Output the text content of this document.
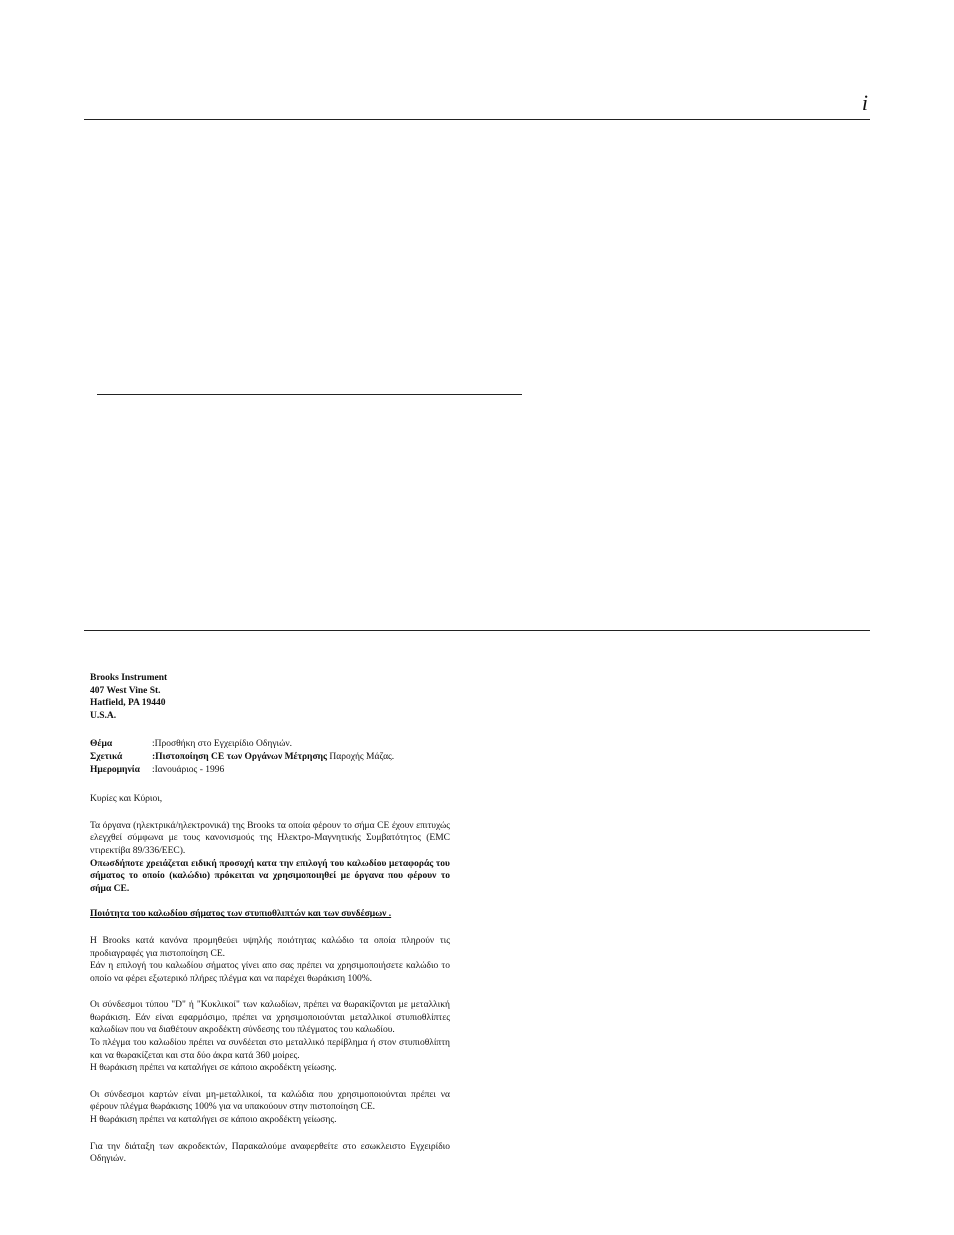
i
Brooks Instrument
407 West Vine St.
Hatfield, PA 19440
U.S.A.
Θέμα	:Προσθήκη στο Εγχειρίδιο Οδηγιών.
Σχετικά	:Πιστοποίηση CE των Οργάνων Μέτρησης Παροχής Μάζας.
Ημερομηνία	:Ιανουάριος - 1996
Κυρίες και Κύριοι,
Τα όργανα (ηλεκτρικά/ηλεκτρονικά) της Brooks τα οποία φέρουν το σήμα CE έχουν επιτυχώς ελεγχθεί σύμφωνα με τους κανονισμούς της Ηλεκτρο-Μαγνητικής Συμβατότητος (EMC ντιρεκτίβα 89/336/EEC).
Οπωσδήποτε χρειάζεται ειδική προσοχή κατα την επιλογή του καλωδίου μεταφοράς του σήματος το οποίο (καλώδιο) πρόκειται να χρησιμοποιηθεί με όργανα που φέρουν το σήμα CE.
Ποιότητα του καλωδίου σήματος των στυπιοθλιπτών και των συνδέσμων .
Η Brooks κατά κανόνα προμηθεύει υψηλής ποιότητας καλώδιο τα οποία πληρούν τις προδιαγραφές για πιστοποίηση CE.
Εάν η επιλογή του καλωδίου σήματος γίνει απο σας πρέπει να χρησιμοποιήσετε καλώδιο το οποίο να φέρει εξωτερικό πλήρες πλέγμα και να παρέχει θωράκιση 100%.
Οι σύνδεσμοι τύπου "D" ή "Κυκλικοί" των καλωδίων, πρέπει να θωρακίζονται με μεταλλική θωράκιση. Εάν είναι εφαρμόσιμο, πρέπει να χρησιμοποιούνται μεταλλικοί στυπιοθλίπτες καλωδίων που να διαθέτουν ακροδέκτη σύνδεσης του πλέγματος του καλωδίου.
Το πλέγμα του καλωδίου πρέπει να συνδέεται στο μεταλλικό περίβλημα ή στον στυπιοθλίπτη και να θωρακίζεται και στα δύο άκρα κατά 360 μοίρες.
Η θωράκιση πρέπει να καταλήγει σε κάποιο ακροδέκτη γείωσης.
Οι σύνδεσμοι καρτών είναι μη-μεταλλικοί, τα καλώδια που χρησιμοποιούνται πρέπει να φέρουν πλέγμα θωράκισης 100% για να υπακούουν στην πιστοποίηση CE.
Η θωράκιση πρέπει να καταλήγει σε κάποιο ακροδέκτη γείωσης.
Για την διάταξη των ακροδεκτών, Παρακαλούμε αναφερθείτε στο εσωκλειστο Εγχειρίδιο Οδηγιών.
